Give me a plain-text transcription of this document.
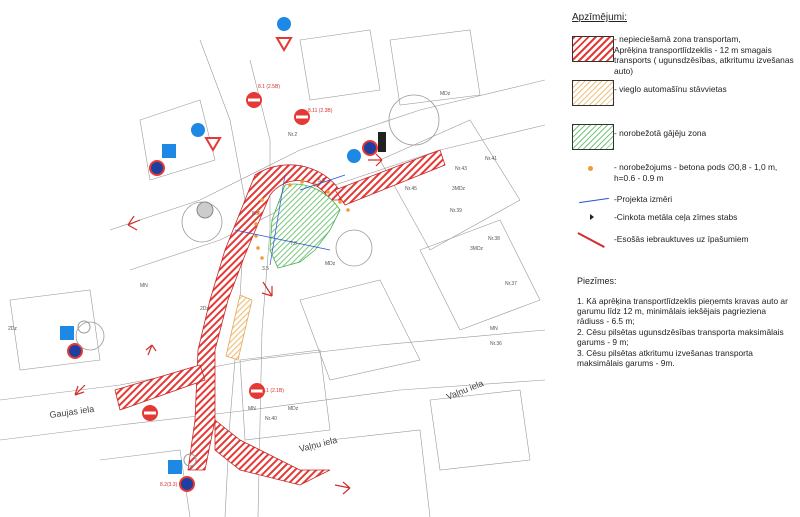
Gaujas iela
Vaļņu iela
Vaļņu iela
MN
MN	MDz
MDz
MDz
2Dz
2Dz
3MDz
3MDz
MN
Nr.40
Nr.38
Nr.36
Nr.45
Nr.43
Nr.41
Nr.39
Nr.37
Nr.2
8.5
7.5
5.0
3.5
8.1 (2.1B)
8.11 (2.3B)
8.1 (2.5B)
8.2(3.3)
Apzīmējumi:
- nepieciešamā zona transportam,
Aprēķina transportlīdzeklis - 12 m smagais transports ( ugunsdzēsības, atkritumu izvešanas auto)
- vieglo automašīnu stāvvietas
- norobežotā gājēju zona
- norobežojums - betona pods ∅0,8 - 1,0 m, h=0.6 - 0.9 m
-Projekta izmēri
-Cinkota metāla ceļa zīmes stabs
-Esošās iebrauktuves uz īpašumiem
Piezīmes:
1. Kā aprēķina transportlīdzeklis pieņemts kravas auto ar garumu līdz 12 m, minimālais iekšējais pagrieziena rādiuss - 6.5 m;
2. Cēsu pilsētas ugunsdzēsības transporta maksimālais garums - 9 m;
3. Cēsu pilsētas atkritumu izvešanas transporta maksimālais garums - 9m.
